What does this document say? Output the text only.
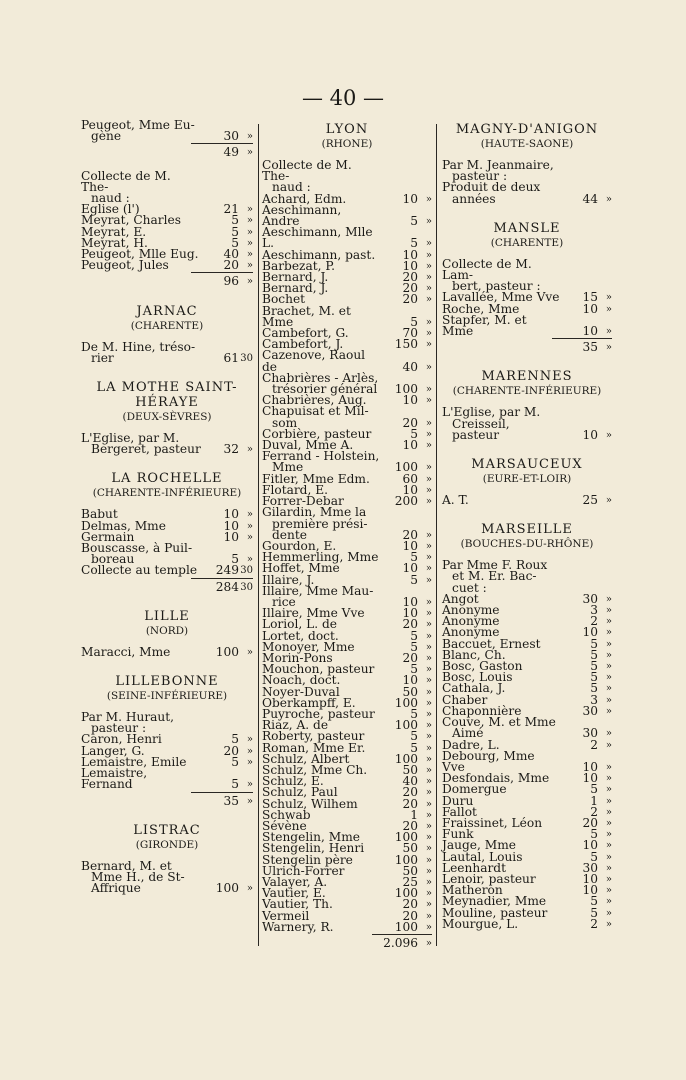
— 40 —
Peugeot, Mme Eu-
gène	30 »
49 »
Collecte de M. The-
naud :
Eglise (l')	21 »
Meyrat, Charles	5 »
Meyrat, E.	5 »
Meyrat, H.	5 »
Peugeot, Mlle Eug.	40 »
Peugeot, Jules	20 »
96 »
JARNAC
(CHARENTE)
De M. Hine, tréso-
rier	61 30
LA MOTHE SAINT-HÉRAYE
(DEUX-SÈVRES)
L'Eglise, par M.
Bergeret, pasteur	32 »
LA ROCHELLE
(CHARENTE-INFÉRIEURE)
Babut	10 »
Delmas, Mme	10 »
Germain	10 »
Bouscasse, à Puil-
boreau	5 »
Collecte au temple	249 30
284 30
LILLE
(NORD)
Maracci, Mme	100 »
LILLEBONNE
(SEINE-INFÉRIEURE)
Par M. Huraut,
pasteur :
Caron, Henri	5 »
Langer, G.	20 »
Lemaistre, Emile	5 »
Lemaistre, Fernand	5 »
35 »
LISTRAC
(GIRONDE)
Bernard, M. et
Mme H., de St-
Affrique	100 »
LYON
(RHONE)
Collecte de M. The-
naud :
Achard, Edm.	10 »
Aeschimann, Andre	5 »
Aeschimann, Mlle L.	5 »
Aeschimann, past.	10 »
Barbezat, P.	10 »
Bernard, J.	20 »
Bernard, J.	20 »
Bochet	20 »
Brachet, M. et Mme	5 »
Cambefort, G.	70 »
Cambefort, J.	150 »
Cazenove, Raoul de	40 »
Chabrières - Arlès,
trésorier général	100 »
Chabrières, Aug.	10 »
Chapuisat et Mil-
som	20 »
Corbière, pasteur	5 »
Duval, Mme A.	10 »
Ferrand - Holstein,
Mme	100 »
Fitler, Mme Edm.	60 »
Flotard, E.	10 »
Forrer-Debar	200 »
Gilardin, Mme la
première prési-
dente	20 »
Gourdon, E.	10 »
Hemmerling, Mme	5 »
Hoffet, Mme	10 »
Illaire, J.	5 »
Illaire, Mme Mau-
rice	10 »
Illaire, Mme Vve	10 »
Loriol, L. de	20 »
Lortet, doct.	5 »
Monoyer, Mme	5 »
Morin-Pons	20 »
Mouchon, pasteur	5 »
Noach, doct.	10 »
Noyer-Duval	50 »
Oberkampff, E.	100 »
Puyroche, pasteur	5 »
Riaz, A. de	100 »
Roberty, pasteur	5 »
Roman, Mme Er.	5 »
Schulz, Albert	100 »
Schulz, Mme Ch.	50 »
Schulz, E.	40 »
Schulz, Paul	20 »
Schulz, Wilhem	20 »
Schwab	1 »
Sévène	20 »
Stengelin, Mme	100 »
Stengelin, Henri	50 »
Stengelin père	100 »
Ulrich-Forrer	50 »
Valayer, A.	25 »
Vautier, E.	100 »
Vautier, Th.	20 »
Vermeil	20 »
Warnery, R.	100 »
2.096 »
MAGNY-D'ANIGON
(HAUTE-SAONE)
Par M. Jeanmaire,
pasteur :
Produit de deux
années	44 »
MANSLE
(CHARENTE)
Collecte de M. Lam-
bert, pasteur :
Lavallée, Mme Vve	15 »
Roche, Mme	10 »
Stapfer, M. et Mme	10 »
35 »
MARENNES
(CHARENTE-INFÉRIEURE)
L'Eglise, par M.
Creisseil, pasteur	10 »
MARSAUCEUX
(EURE-ET-LOIR)
A. T.	25 »
MARSEILLE
(BOUCHES-DU-RHÔNE)
Par Mme F. Roux
et M. Er. Bac-
cuet :
Angot	30 »
Anonyme	3 »
Anonyme	2 »
Anonyme	10 »
Baccuet, Ernest	5 »
Blanc, Ch.	5 »
Bosc, Gaston	5 »
Bosc, Louis	5 »
Cathala, J.	5 »
Chaber	3 »
Chaponnière	30 »
Couve, M. et Mme
Aimé	30 »
Dadre, L.	2 »
Debourg, Mme Vve	10 »
Desfondais, Mme	10 »
Domergue	5 »
Duru	1 »
Fallot	2 »
Fraissinet, Léon	20 »
Funk	5 »
Jauge, Mme	10 »
Lautal, Louis	5 »
Leenhardt	30 »
Lenoir, pasteur	10 »
Matheron	10 »
Meynadier, Mme	5 »
Mouline, pasteur	5 »
Mourgue, L.	2 »
